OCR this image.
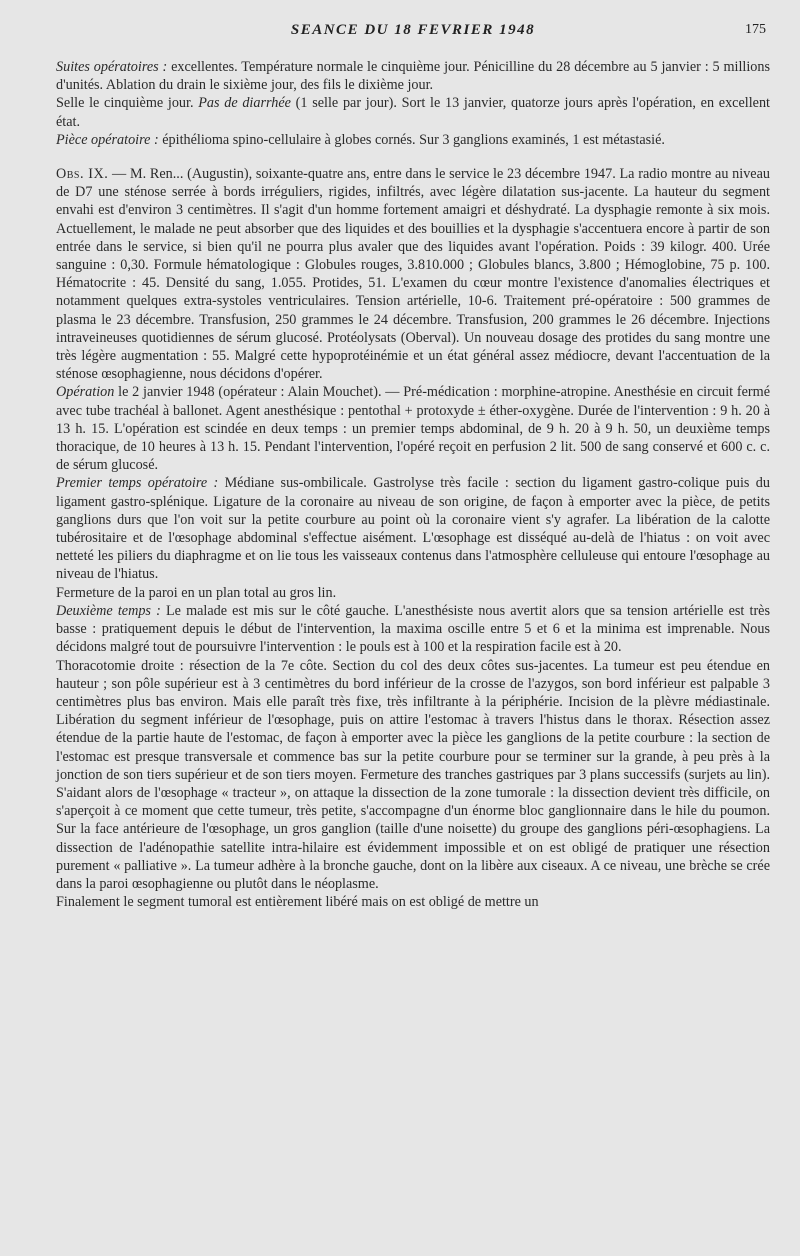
SEANCE DU 18 FEVRIER 1948	175

Suites opératoires : excellentes. Température normale le cinquième jour. Pénicilline du 28 décembre au 5 janvier : 5 millions d'unités. Ablation du drain le sixième jour, des fils le dixième jour.

Selle le cinquième jour. Pas de diarrhée (1 selle par jour). Sort le 13 janvier, quatorze jours après l'opération, en excellent état.

Pièce opératoire : épithélioma spino-cellulaire à globes cornés. Sur 3 ganglions examinés, 1 est métastasié.

Obs. IX. — M. Ren... (Augustin), soixante-quatre ans, entre dans le service le 23 décembre 1947. La radio montre au niveau de D7 une sténose serrée à bords irréguliers, rigides, infiltrés, avec légère dilatation sus-jacente. La hauteur du segment envahi est d'environ 3 centimètres. Il s'agit d'un homme fortement amaigri et déshydraté. La dysphagie remonte à six mois. Actuellement, le malade ne peut absorber que des liquides et des bouillies et la dysphagie s'accentuera encore à partir de son entrée dans le service, si bien qu'il ne pourra plus avaler que des liquides avant l'opération. Poids : 39 kilogr. 400. Urée sanguine : 0,30. Formule hématologique : Globules rouges, 3.810.000 ; Globules blancs, 3.800 ; Hémoglobine, 75 p. 100. Hématocrite : 45. Densité du sang, 1.055. Protides, 51. L'examen du cœur montre l'existence d'anomalies électriques et notamment quelques extra-systoles ventriculaires. Tension artérielle, 10-6. Traitement pré-opératoire : 500 grammes de plasma le 23 décembre. Transfusion, 250 grammes le 24 décembre. Transfusion, 200 grammes le 26 décembre. Injections intraveineuses quotidiennes de sérum glucosé. Protéolysats (Oberval). Un nouveau dosage des protides du sang montre une très légère augmentation : 55. Malgré cette hypoprotéinémie et un état général assez médiocre, devant l'accentuation de la sténose œsophagienne, nous décidons d'opérer.

Opération le 2 janvier 1948 (opérateur : Alain Mouchet). — Pré-médication : morphine-atropine. Anesthésie en circuit fermé avec tube trachéal à ballonet. Agent anesthésique : pentothal + protoxyde ± éther-oxygène. Durée de l'intervention : 9 h. 20 à 13 h. 15. L'opération est scindée en deux temps : un premier temps abdominal, de 9 h. 20 à 9 h. 50, un deuxième temps thoracique, de 10 heures à 13 h. 15. Pendant l'intervention, l'opéré reçoit en perfusion 2 lit. 500 de sang conservé et 600 c. c. de sérum glucosé.

Premier temps opératoire : Médiane sus-ombilicale. Gastrolyse très facile : section du ligament gastro-colique puis du ligament gastro-splénique. Ligature de la coronaire au niveau de son origine, de façon à emporter avec la pièce, de petits ganglions durs que l'on voit sur la petite courbure au point où la coronaire vient s'y agrafer. La libération de la calotte tubérositaire et de l'œsophage abdominal s'effectue aisément. L'œsophage est disséqué au-delà de l'hiatus : on voit avec netteté les piliers du diaphragme et on lie tous les vaisseaux contenus dans l'atmosphère celluleuse qui entoure l'œsophage au niveau de l'hiatus.

Fermeture de la paroi en un plan total au gros lin.

Deuxième temps : Le malade est mis sur le côté gauche. L'anesthésiste nous avertit alors que sa tension artérielle est très basse : pratiquement depuis le début de l'intervention, la maxima oscille entre 5 et 6 et la minima est imprenable. Nous décidons malgré tout de poursuivre l'intervention : le pouls est à 100 et la respiration facile est à 20.

Thoracotomie droite : résection de la 7e côte. Section du col des deux côtes sus-jacentes. La tumeur est peu étendue en hauteur ; son pôle supérieur est à 3 centimètres du bord inférieur de la crosse de l'azygos, son bord inférieur est palpable 3 centimètres plus bas environ. Mais elle paraît très fixe, très infiltrante à la périphérie. Incision de la plèvre médiastinale. Libération du segment inférieur de l'œsophage, puis on attire l'estomac à travers l'histus dans le thorax. Résection assez étendue de la partie haute de l'estomac, de façon à emporter avec la pièce les ganglions de la petite courbure : la section de l'estomac est presque transversale et commence bas sur la petite courbure pour se terminer sur la grande, à peu près à la jonction de son tiers supérieur et de son tiers moyen. Fermeture des tranches gastriques par 3 plans successifs (surjets au lin). S'aidant alors de l'œsophage « tracteur », on attaque la dissection de la zone tumorale : la dissection devient très difficile, on s'aperçoit à ce moment que cette tumeur, très petite, s'accompagne d'un énorme bloc ganglionnaire dans le hile du poumon. Sur la face antérieure de l'œsophage, un gros ganglion (taille d'une noisette) du groupe des ganglions péri-œsophagiens. La dissection de l'adénopathie satellite intra-hilaire est évidemment impossible et on est obligé de pratiquer une résection purement « palliative ». La tumeur adhère à la bronche gauche, dont on la libère aux ciseaux. A ce niveau, une brèche se crée dans la paroi œsophagienne ou plutôt dans le néoplasme.

Finalement le segment tumoral est entièrement libéré mais on est obligé de mettre un
